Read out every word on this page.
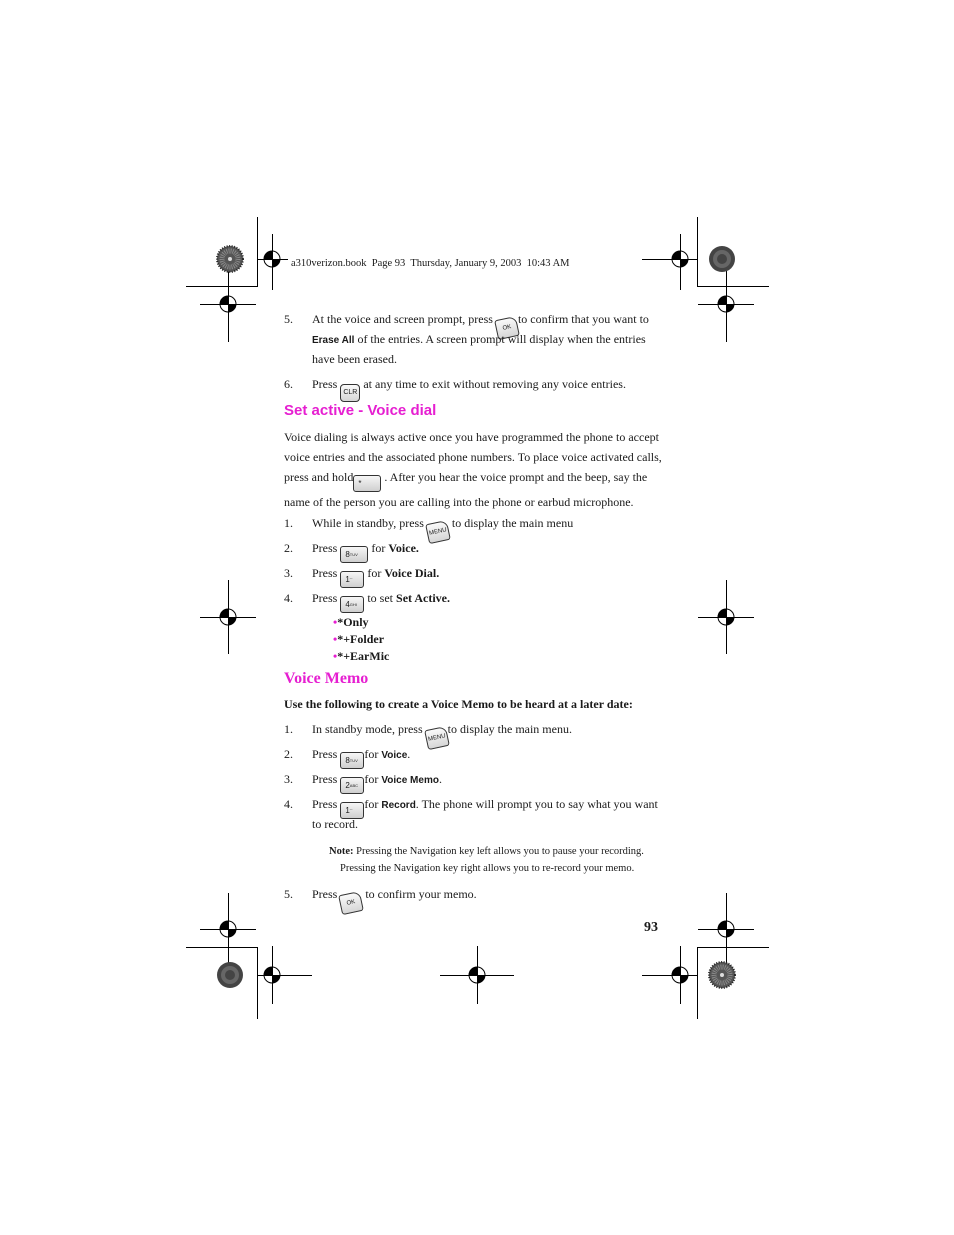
a310verizon.book  Page 93  Thursday, January 9, 2003  10:43 AM
5. At the voice and screen prompt, press OKto confirm that you want to
Erase All of the entries. A screen prompt will display when the entries
have been erased.
6. Press CLR at any time to exit without removing any voice entries.
Set active - Voice dial
Voice dialing is always active once you have programmed the phone to accept
voice entries and the associated phone numbers. To place voice activated calls,
press and hold * . After you hear the voice prompt and the beep, say the
name of the person you are calling into the phone or earbud microphone.
1. While in standby, press MENU to display the main menu
2. Press $8^{TUV}$ for Voice.
3. Press 1˜˜ for Voice Dial.
4. Press $4^{GHI}$ to set Set Active.
•*Only
•*+Folder
•*+EarMic
Voice Memo
Use the following to create a Voice Memo to be heard at a later date:
1. In standby mode, press MENUto display the main menu.
2. Press $8^{TUV}$ for Voice.
3. Press $2^{ABC}$ for Voice Memo.
4. Press 1˜˜ for Record. The phone will prompt you to say what you want
to record.
Note: Pressing the Navigation key left allows you to pause your recording.
Pressing the Navigation key right allows you to re-record your memo.
5. Press OK to confirm your memo.
93
